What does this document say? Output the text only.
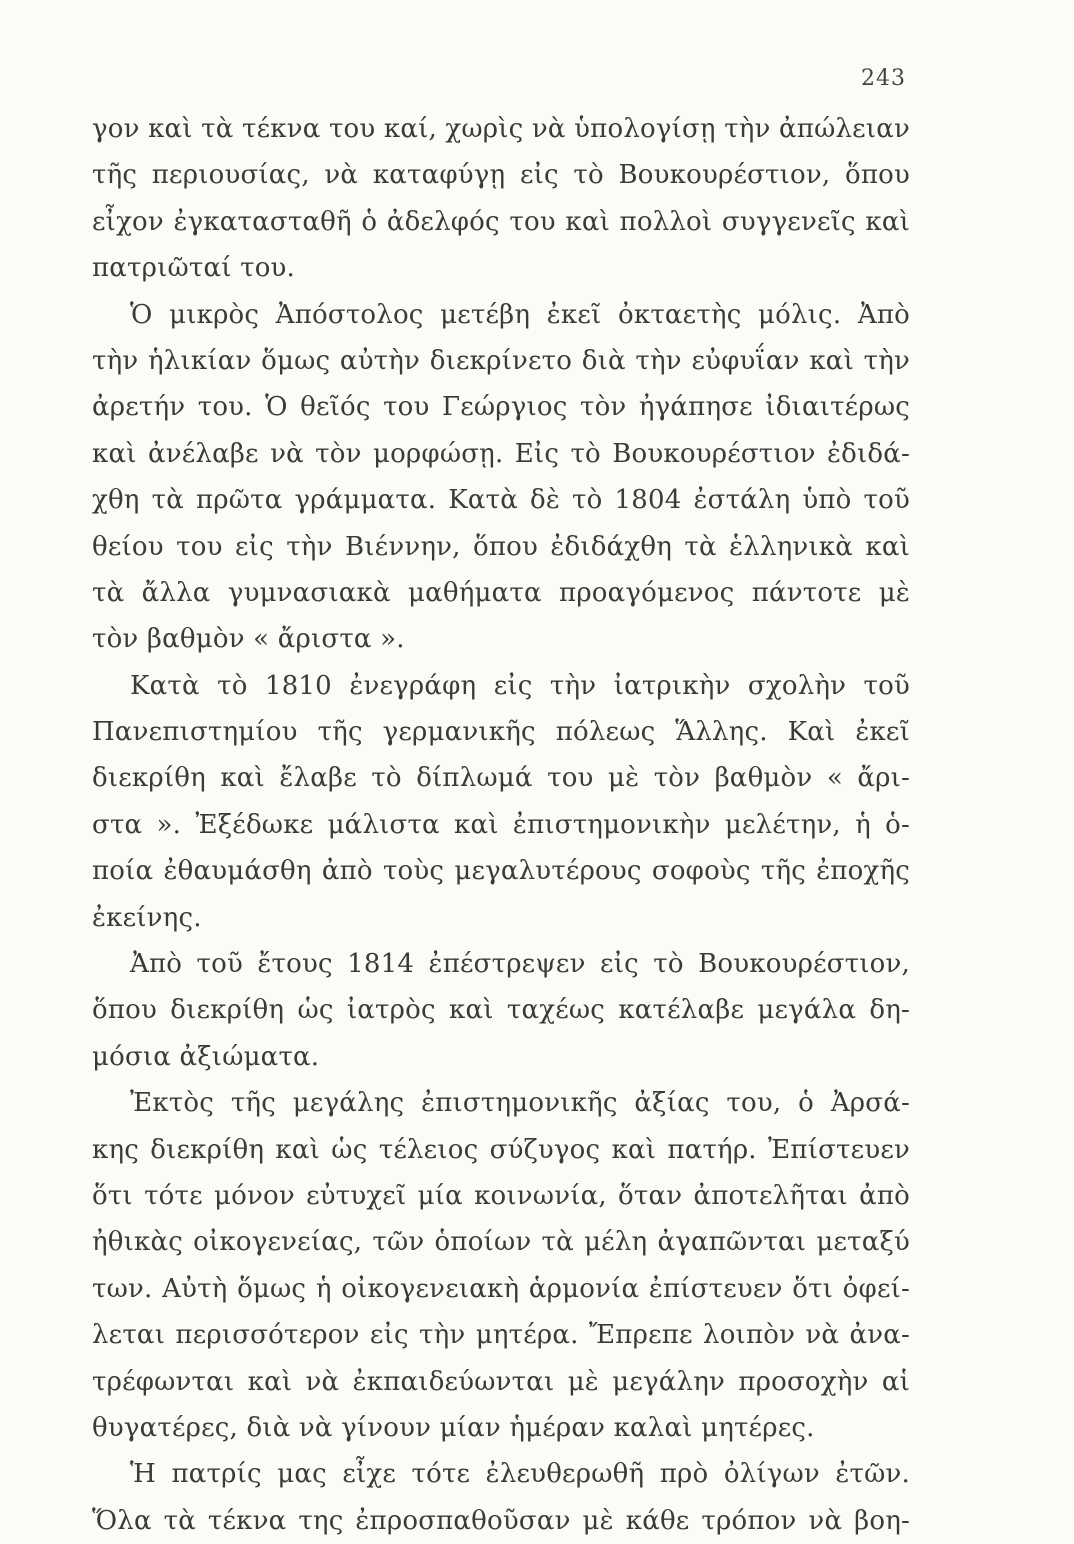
243
γον καὶ τὰ τέκνα του καί, χωρὶς νὰ ὑπολογίσῃ τὴν ἀπώλειαν
τῆς περιουσίας, νὰ καταφύγῃ εἰς τὸ Βουκουρέστιον, ὅπου
εἶχον ἐγκατασταθῆ ὁ ἀδελφός του καὶ πολλοὶ συγγενεῖς καὶ
πατριῶταί του.
Ὁ μικρὸς Ἀπόστολος μετέβη ἐκεῖ ὀκταετὴς μόλις. Ἀπὸ
τὴν ἡλικίαν ὅμως αὐτὴν διεκρίνετο διὰ τὴν εὐφυΐαν καὶ τὴν
ἀρετήν του. Ὁ θεῖός του Γεώργιος τὸν ἠγάπησε ἰδιαιτέρως
καὶ ἀνέλαβε νὰ τὸν μορφώσῃ. Εἰς τὸ Βουκουρέστιον ἐδιδά-
χθη τὰ πρῶτα γράμματα. Κατὰ δὲ τὸ 1804 ἐστάλη ὑπὸ τοῦ
θείου του εἰς τὴν Βιέννην, ὅπου ἐδιδάχθη τὰ ἑλληνικὰ καὶ
τὰ ἄλλα γυμνασιακὰ μαθήματα προαγόμενος πάντοτε μὲ
τὸν βαθμὸν « ἄριστα ».
Κατὰ τὸ 1810 ἐνεγράφη εἰς τὴν ἰατρικὴν σχολὴν τοῦ
Πανεπιστημίου τῆς γερμανικῆς πόλεως Ἅλλης. Καὶ ἐκεῖ
διεκρίθη καὶ ἔλαβε τὸ δίπλωμά του μὲ τὸν βαθμὸν « ἄρι-
στα ». Ἐξέδωκε μάλιστα καὶ ἐπιστημονικὴν μελέτην, ἡ ὁ-
ποία ἐθαυμάσθη ἀπὸ τοὺς μεγαλυτέρους σοφοὺς τῆς ἐποχῆς
ἐκείνης.
Ἀπὸ τοῦ ἔτους 1814 ἐπέστρεψεν εἰς τὸ Βουκουρέστιον,
ὅπου διεκρίθη ὡς ἰατρὸς καὶ ταχέως κατέλαβε μεγάλα δη-
μόσια ἀξιώματα.
Ἐκτὸς τῆς μεγάλης ἐπιστημονικῆς ἀξίας του, ὁ Ἀρσά-
κης διεκρίθη καὶ ὡς τέλειος σύζυγος καὶ πατήρ. Ἐπίστευεν
ὅτι τότε μόνον εὐτυχεῖ μία κοινωνία, ὅταν ἀποτελῆται ἀπὸ
ἠθικὰς οἰκογενείας, τῶν ὁποίων τὰ μέλη ἀγαπῶνται μεταξύ
των. Αὐτὴ ὅμως ἡ οἰκογενειακὴ ἁρμονία ἐπίστευεν ὅτι ὀφεί-
λεται περισσότερον εἰς τὴν μητέρα. Ἔπρεπε λοιπὸν νὰ ἀνα-
τρέφωνται καὶ νὰ ἐκπαιδεύωνται μὲ μεγάλην προσοχὴν αἱ
θυγατέρες, διὰ νὰ γίνουν μίαν ἡμέραν καλαὶ μητέρες.
Ἡ πατρίς μας εἶχε τότε ἐλευθερωθῆ πρὸ ὀλίγων ἐτῶν.
Ὅλα τὰ τέκνα της ἐπροσπαθοῦσαν μὲ κάθε τρόπον νὰ βοη-
